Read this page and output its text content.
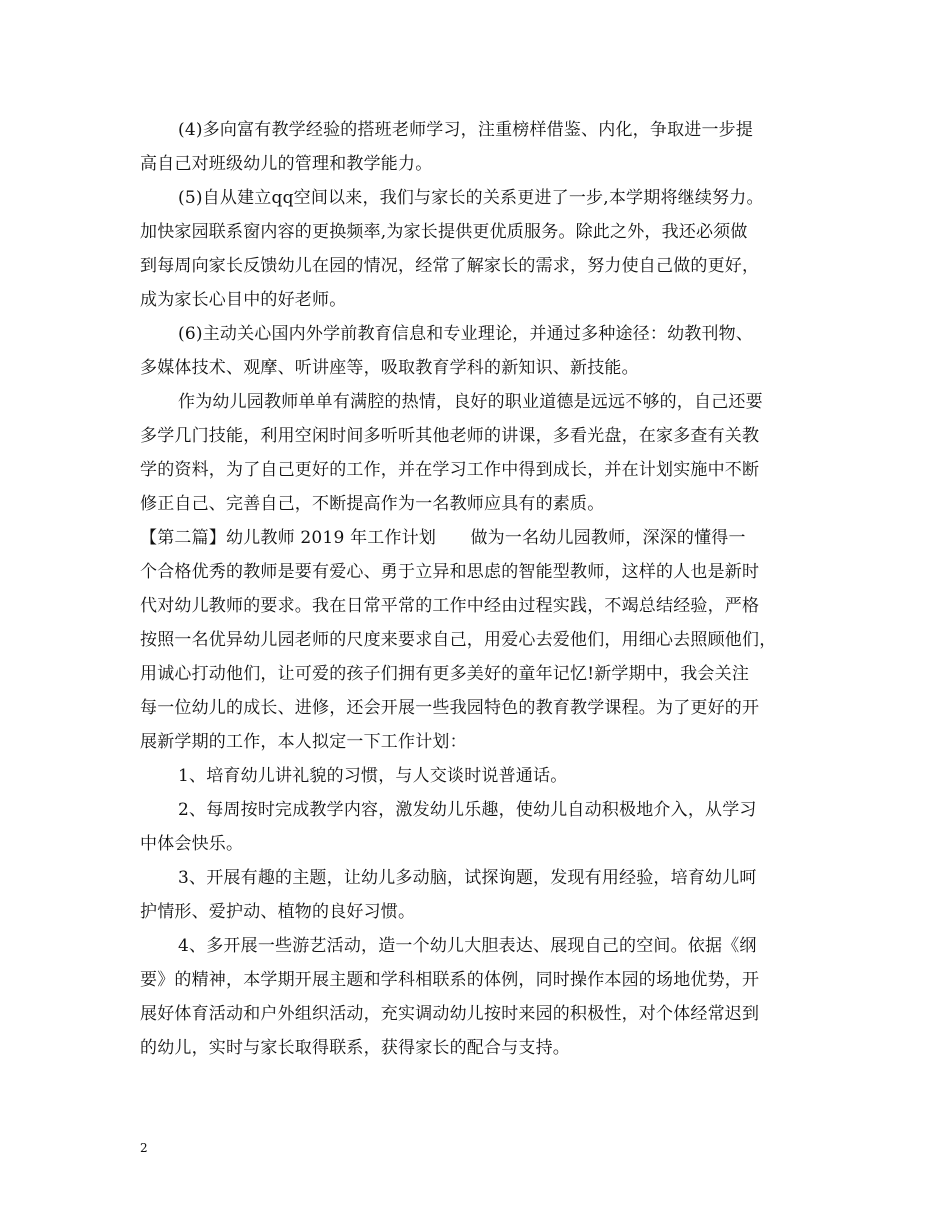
(4)多向富有教学经验的搭班老师学习，注重榜样借鉴、内化，争取进一步提
高自己对班级幼儿的管理和教学能力。
(5)自从建立qq空间以来，我们与家长的关系更进了一步,本学期将继续努力。
加快家园联系窗内容的更换频率,为家长提供更优质服务。除此之外，我还必须做
到每周向家长反馈幼儿在园的情况，经常了解家长的需求，努力使自己做的更好，
成为家长心目中的好老师。
(6)主动关心国内外学前教育信息和专业理论，并通过多种途径：幼教刊物、
多媒体技术、观摩、听讲座等，吸取教育学科的新知识、新技能。
作为幼儿园教师单单有满腔的热情，良好的职业道德是远远不够的，自己还要
多学几门技能，利用空闲时间多听听其他老师的讲课，多看光盘，在家多查有关教
学的资料，为了自己更好的工作，并在学习工作中得到成长，并在计划实施中不断
修正自己、完善自己，不断提高作为一名教师应具有的素质。
【第二篇】幼儿教师 2019 年工作计划　　做为一名幼儿园教师，深深的懂得一
个合格优秀的教师是要有爱心、勇于立异和思虑的智能型教师，这样的人也是新时
代对幼儿教师的要求。我在日常平常的工作中经由过程实践，不竭总结经验，严格
按照一名优异幼儿园老师的尺度来要求自己，用爱心去爱他们，用细心去照顾他们，
用诚心打动他们，让可爱的孩子们拥有更多美好的童年记忆!新学期中，我会关注
每一位幼儿的成长、进修，还会开展一些我园特色的教育教学课程。为了更好的开
展新学期的工作，本人拟定一下工作计划：
1、培育幼儿讲礼貌的习惯，与人交谈时说普通话。
2、每周按时完成教学内容，激发幼儿乐趣，使幼儿自动积极地介入，从学习
中体会快乐。
3、开展有趣的主题，让幼儿多动脑，试探询题，发现有用经验，培育幼儿呵
护情形、爱护动、植物的良好习惯。
4、多开展一些游艺活动，造一个幼儿大胆表达、展现自己的空间。依据《纲
要》的精神，本学期开展主题和学科相联系的体例，同时操作本园的场地优势，开
展好体育活动和户外组织活动，充实调动幼儿按时来园的积极性，对个体经常迟到
的幼儿，实时与家长取得联系，获得家长的配合与支持。
2
